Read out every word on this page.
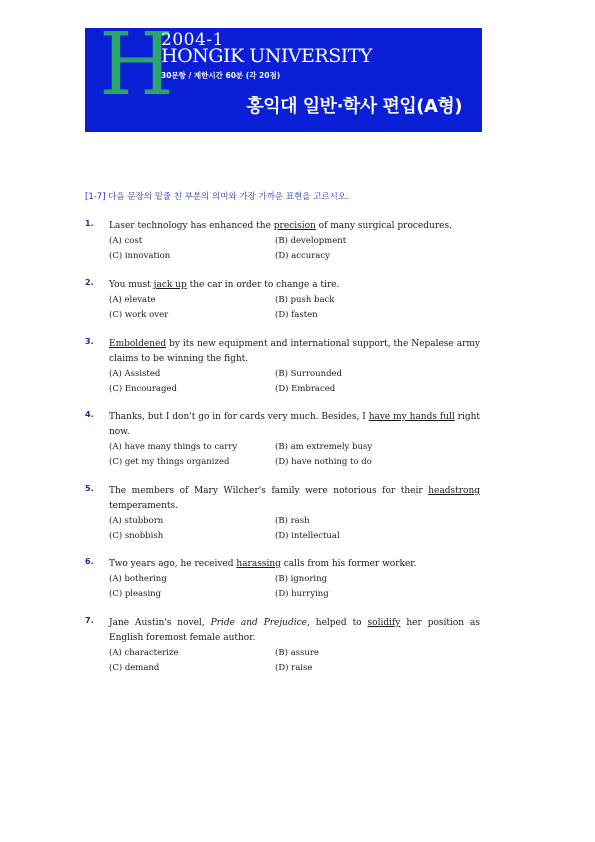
H
2004-1
HONGIK UNIVERSITY
30문항 / 제한시간 60분 (각 20점)
홍익대 일반·학사 편입(A형)
[1-7] 다음 문장의 밑줄 친 부분의 의미와 가장 가까운 표현을 고르시오.
1. Laser technology has enhanced the precision of many surgical procedures.
(A) cost	(B) development
(C) innovation	(D) accuracy
2. You must jack up the car in order to change a tire.
(A) elevate	(B) push back
(C) work over	(D) fasten
3. Emboldened by its new equipment and international support, the Nepalese army claims to be winning the fight.
(A) Assisted	(B) Surrounded
(C) Encouraged	(D) Embraced
4. Thanks, but I don't go in for cards very much. Besides, I have my hands full right now.
(A) have many things to carry	(B) am extremely busy
(C) get my things organized	(D) have nothing to do
5. The members of Mary Wilcher's family were notorious for their headstrong temperaments.
(A) stubborn	(B) rash
(C) snobbish	(D) intellectual
6. Two years ago, he received harassing calls from his former worker.
(A) bothering	(B) ignoring
(C) pleasing	(D) hurrying
7. Jane Austin's novel, Pride and Prejudice, helped to solidify her position as English foremost female author.
(A) characterize	(B) assure
(C) demand	(D) raise
